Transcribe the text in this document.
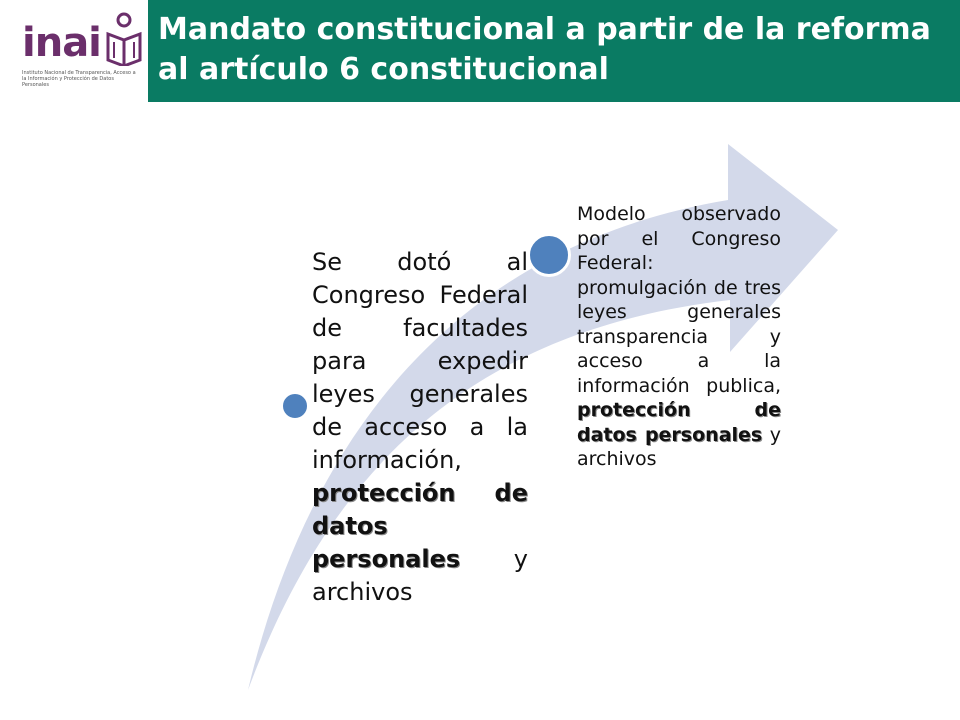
inai
Instituto Nacional de Transparencia, Acceso a la Información y Protección de Datos Personales
Mandato constitucional a partir de la reforma al artículo 6 constitucional
Se dotó al Congreso Federal de facultades para expedir leyes generales de acceso a la información, protección de datos personales y archivos
Modelo observado por el Congreso Federal: promulgación de tres leyes generales transparencia y acceso a la información publica, protección de datos personales y archivos
